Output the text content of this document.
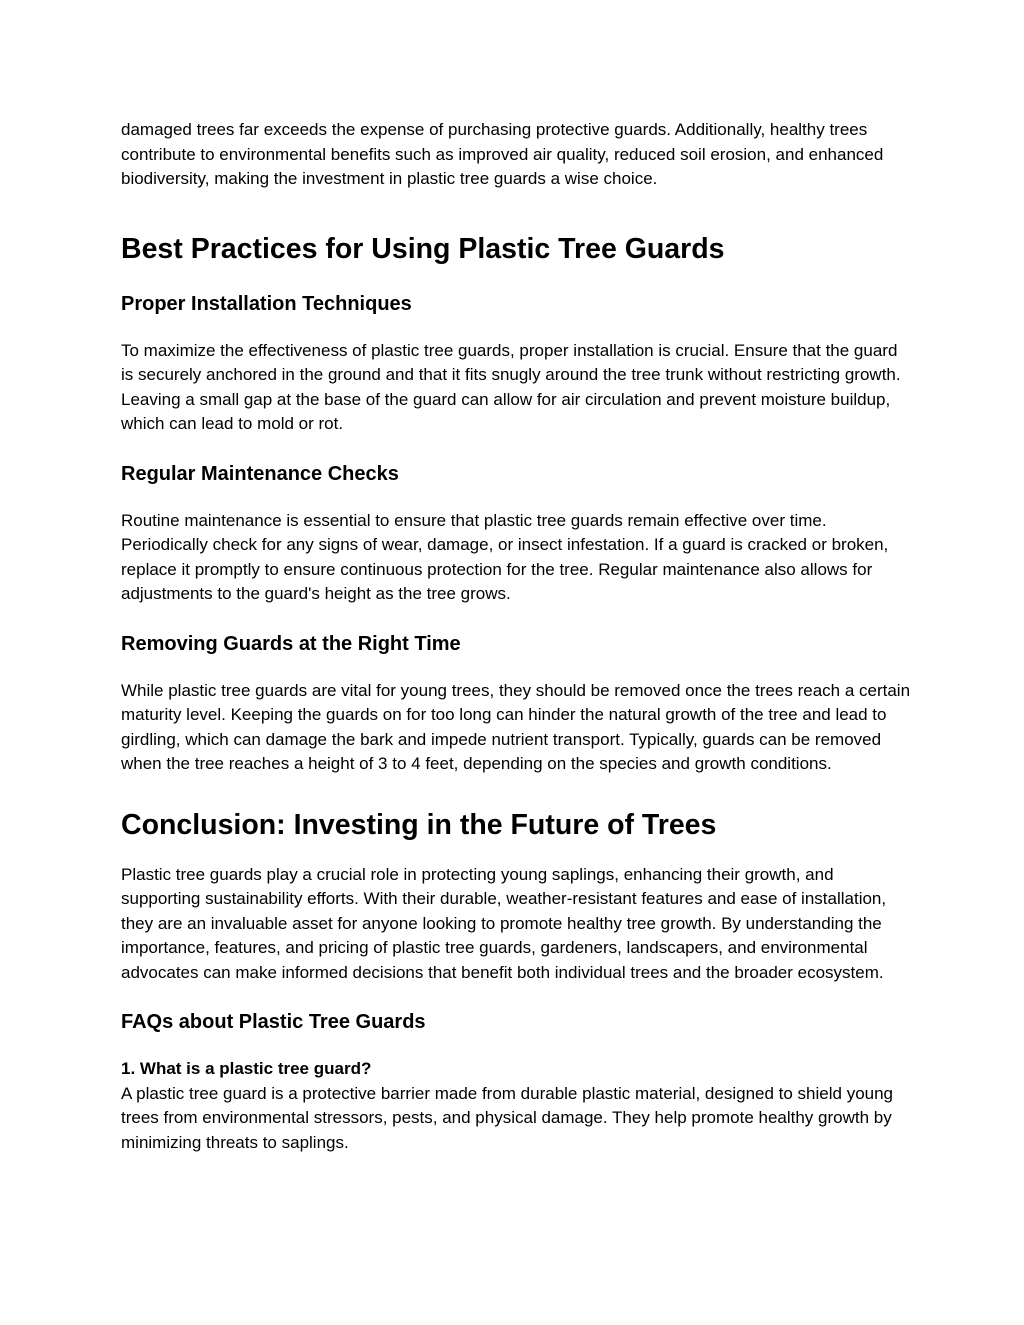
damaged trees far exceeds the expense of purchasing protective guards. Additionally, healthy trees contribute to environmental benefits such as improved air quality, reduced soil erosion, and enhanced biodiversity, making the investment in plastic tree guards a wise choice.

Best Practices for Using Plastic Tree Guards
Proper Installation Techniques

To maximize the effectiveness of plastic tree guards, proper installation is crucial. Ensure that the guard is securely anchored in the ground and that it fits snugly around the tree trunk without restricting growth. Leaving a small gap at the base of the guard can allow for air circulation and prevent moisture buildup, which can lead to mold or rot.

Regular Maintenance Checks

Routine maintenance is essential to ensure that plastic tree guards remain effective over time. Periodically check for any signs of wear, damage, or insect infestation. If a guard is cracked or broken, replace it promptly to ensure continuous protection for the tree. Regular maintenance also allows for adjustments to the guard's height as the tree grows.

Removing Guards at the Right Time

While plastic tree guards are vital for young trees, they should be removed once the trees reach a certain maturity level. Keeping the guards on for too long can hinder the natural growth of the tree and lead to girdling, which can damage the bark and impede nutrient transport. Typically, guards can be removed when the tree reaches a height of 3 to 4 feet, depending on the species and growth conditions.

Conclusion: Investing in the Future of Trees

Plastic tree guards play a crucial role in protecting young saplings, enhancing their growth, and supporting sustainability efforts. With their durable, weather-resistant features and ease of installation, they are an invaluable asset for anyone looking to promote healthy tree growth. By understanding the importance, features, and pricing of plastic tree guards, gardeners, landscapers, and environmental advocates can make informed decisions that benefit both individual trees and the broader ecosystem.

FAQs about Plastic Tree Guards

1. What is a plastic tree guard?
A plastic tree guard is a protective barrier made from durable plastic material, designed to shield young trees from environmental stressors, pests, and physical damage. They help promote healthy growth by minimizing threats to saplings.
